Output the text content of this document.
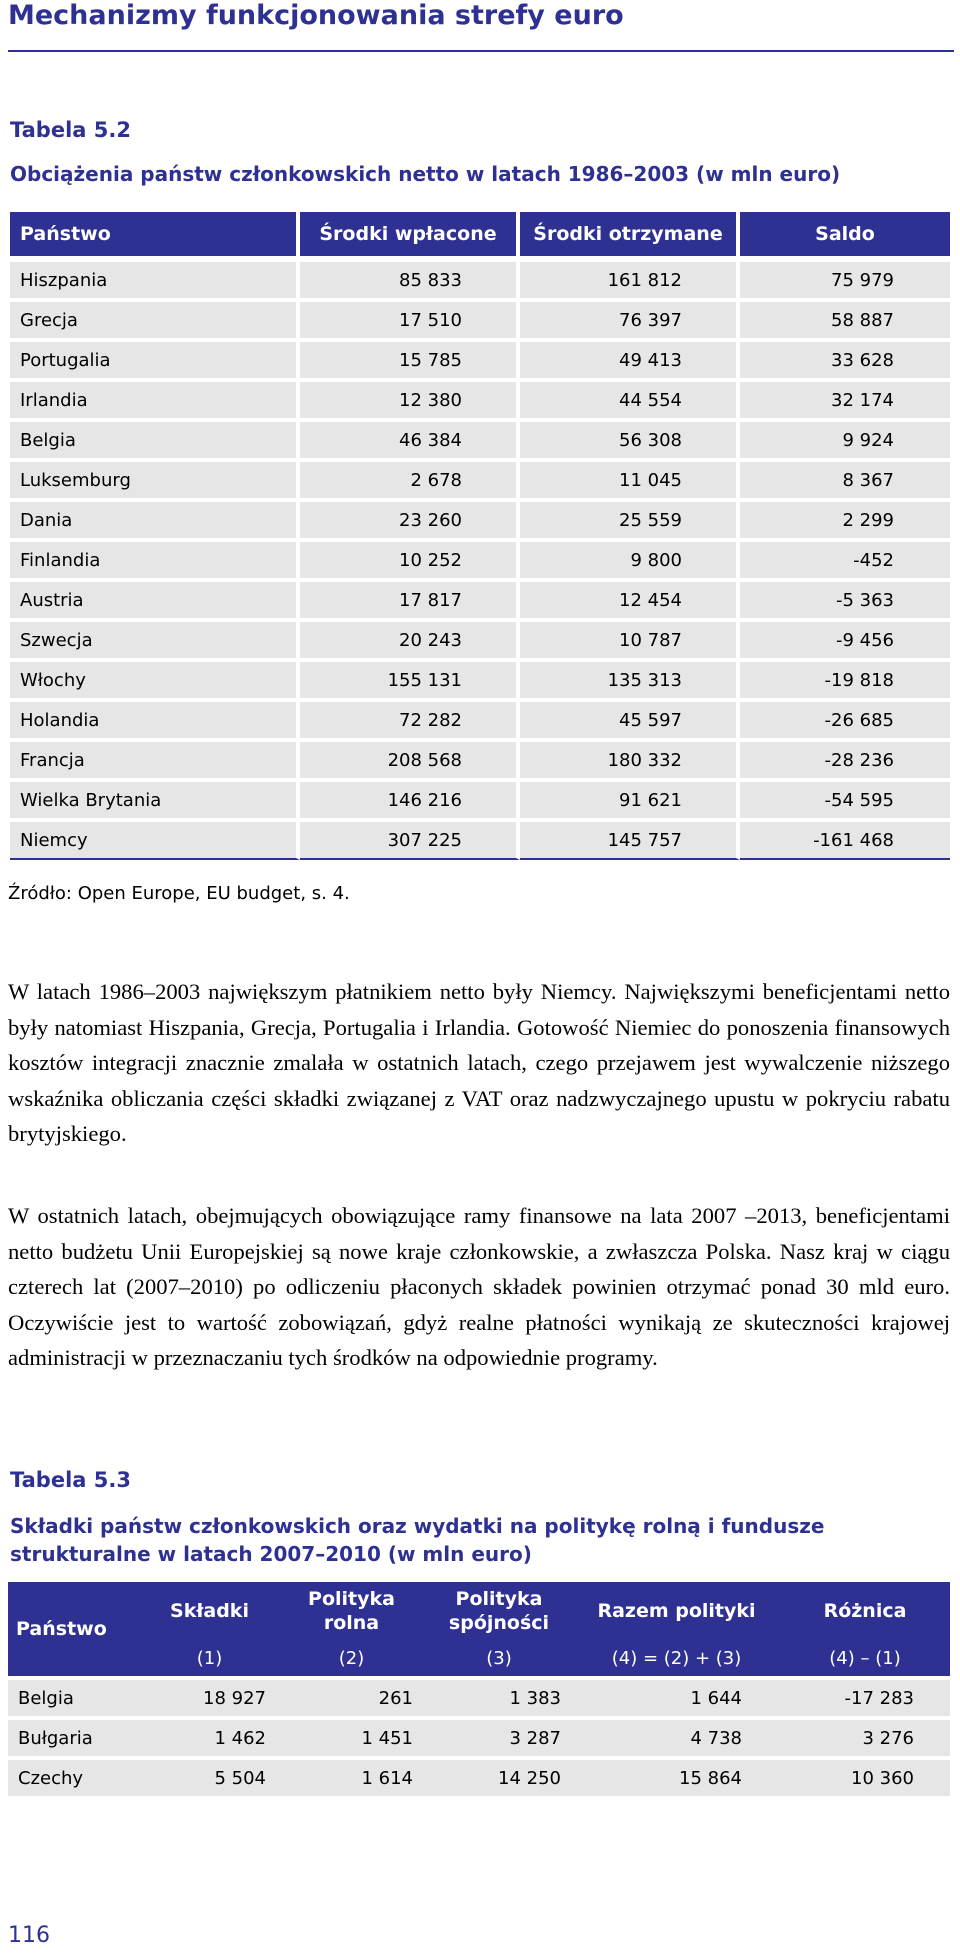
Mechanizmy funkcjonowania strefy euro
Tabela 5.2
Obciążenia państw członkowskich netto w latach 1986–2003 (w mln euro)
Państwo	Środki wpłacone	Środki otrzymane	Saldo
Hiszpania	85 833	161 812	75 979
Grecja	17 510	76 397	58 887
Portugalia	15 785	49 413	33 628
Irlandia	12 380	44 554	32 174
Belgia	46 384	56 308	9 924
Luksemburg	2 678	11 045	8 367
Dania	23 260	25 559	2 299
Finlandia	10 252	9 800	-452
Austria	17 817	12 454	-5 363
Szwecja	20 243	10 787	-9 456
Włochy	155 131	135 313	-19 818
Holandia	72 282	45 597	-26 685
Francja	208 568	180 332	-28 236
Wielka Brytania	146 216	91 621	-54 595
Niemcy	307 225	145 757	-161 468
Źródło: Open Europe, EU budget, s. 4.
W latach 1986–2003 największym płatnikiem netto były Niemcy. Największymi beneficjentami netto były natomiast Hiszpania, Grecja, Portugalia i Irlandia. Gotowość Niemiec do ponoszenia finansowych kosztów integracji znacznie zmalała w ostatnich latach, czego przejawem jest wywalczenie niższego wskaźnika obliczania części składki związanej z VAT oraz nadzwyczajnego upustu w pokryciu rabatu brytyjskiego.
W ostatnich latach, obejmujących obowiązujące ramy finansowe na lata 2007 –2013, beneficjentami netto budżetu Unii Europejskiej są nowe kraje członkowskie, a zwłaszcza Polska. Nasz kraj w ciągu czterech lat (2007–2010) po odliczeniu płaconych składek powinien otrzymać ponad 30 mld euro. Oczywiście jest to wartość zobowiązań, gdyż realne płatności wynikają ze skuteczności krajowej administracji w przeznaczaniu tych środków na odpowiednie programy.
Tabela 5.3
Składki państw członkowskich oraz wydatki na politykę rolną i fundusze strukturalne w latach 2007–2010 (w mln euro)
Państwo	Składki	Polityka rolna	Polityka spójności	Razem polityki	Różnica
	(1)	(2)	(3)	(4) = (2) + (3)	(4) – (1)
Belgia	18 927	261	1 383	1 644	-17 283
Bułgaria	1 462	1 451	3 287	4 738	3 276
Czechy	5 504	1 614	14 250	15 864	10 360
116
